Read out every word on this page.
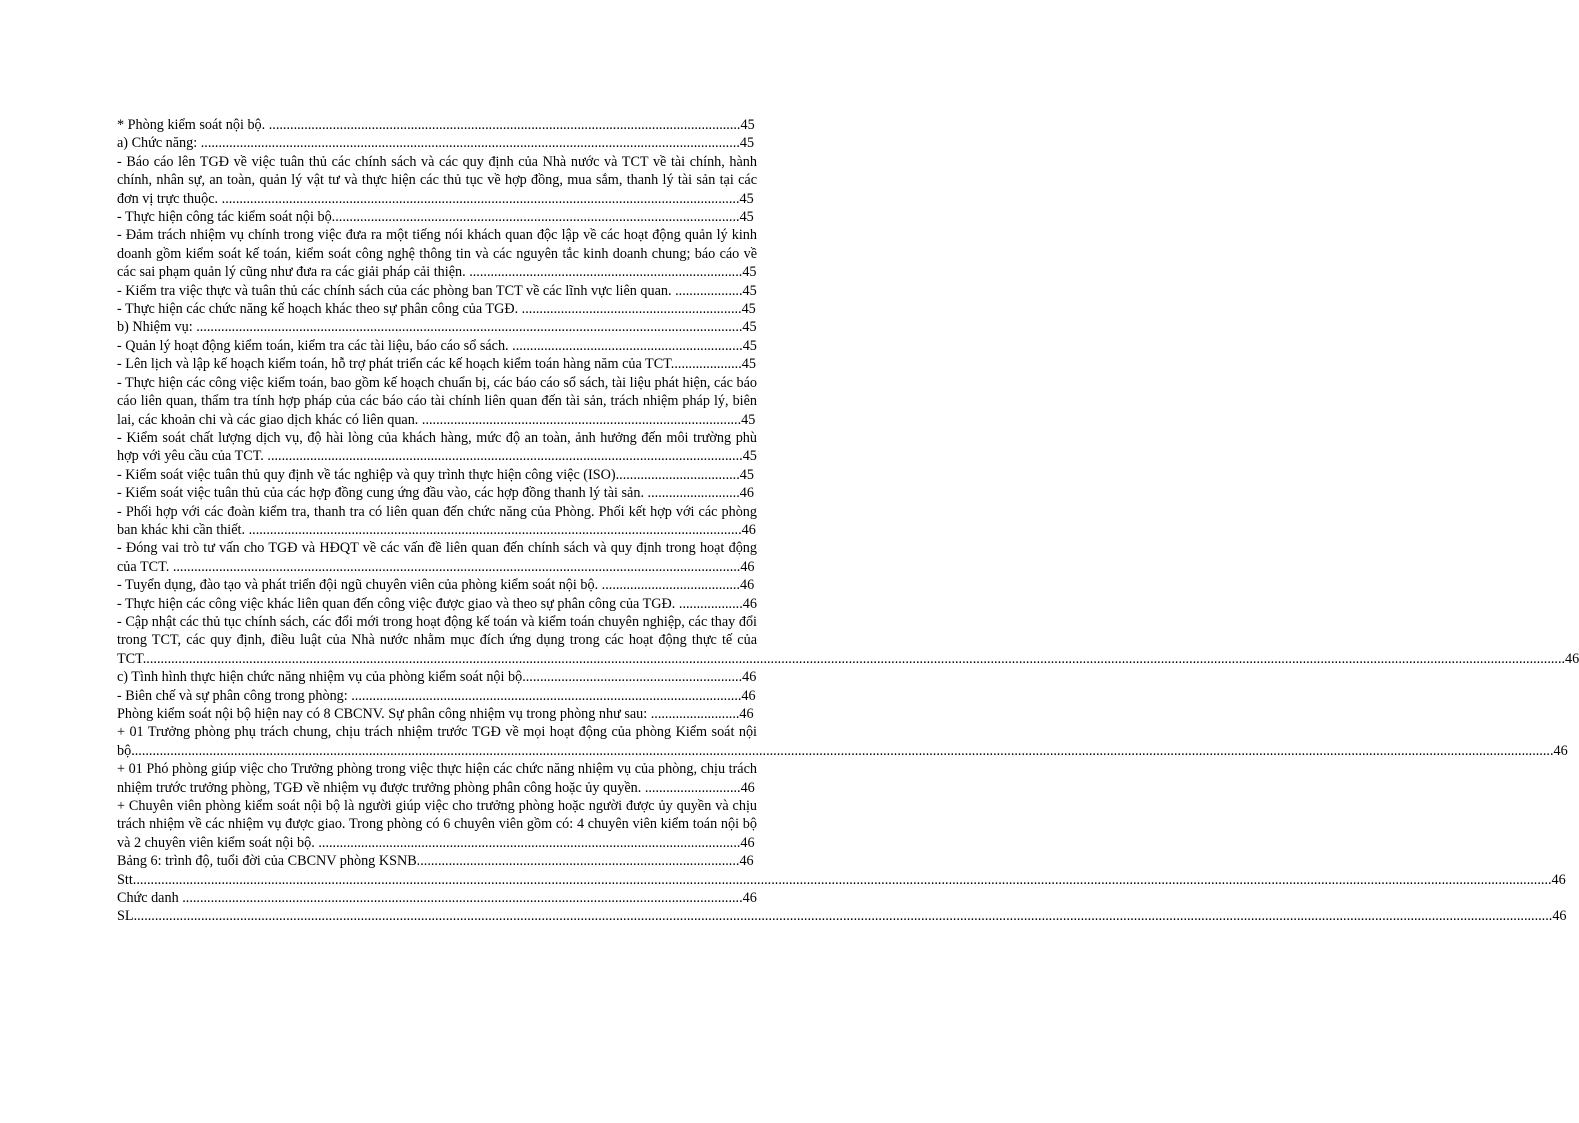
* Phòng kiểm soát nội bộ. .....................................................................................................................................45
a) Chức năng: ........................................................................................................................................................45
- Báo cáo lên TGĐ về việc tuân thủ các chính sách và các quy định của Nhà nước và TCT về tài chính, hành chính, nhân sự, an toàn, quản lý vật tư và thực hiện các thủ tục về hợp đồng, mua sắm, thanh lý tài sản tại các đơn vị trực thuộc. ..................................................................................................................................................45
- Thực hiện công tác kiểm soát nội bộ...................................................................................................................45
- Đảm trách nhiệm vụ chính trong việc đưa ra một tiếng nói khách quan độc lập về các hoạt động quản lý kinh doanh gồm kiểm soát kế toán, kiểm soát công nghệ thông tin và các nguyên tắc kinh doanh chung; báo cáo về các sai phạm quản lý cũng như đưa ra các giải pháp cải thiện. .............................................................................45
- Kiểm tra việc thực và tuân thủ các chính sách của các phòng ban TCT về các lĩnh vực liên quan. ...................45
- Thực hiện các chức năng kế hoạch khác theo sự phân công của TGĐ. ..............................................................45
b) Nhiệm vụ: ..........................................................................................................................................................45
- Quản lý hoạt động kiểm toán, kiểm tra các tài liệu, báo cáo sổ sách. .................................................................45
- Lên lịch và lập kế hoạch kiểm toán, hỗ trợ phát triển các kế hoạch kiểm toán hàng năm của TCT....................45
- Thực hiện các công việc kiểm toán, bao gồm kế hoạch chuẩn bị, các báo cáo sổ sách, tài liệu phát hiện, các báo cáo liên quan, thẩm tra tính hợp pháp của các báo cáo tài chính liên quan đến tài sản, trách nhiệm pháp lý, biên lai, các khoản chi và các giao dịch khác có liên quan. ..........................................................................................45
- Kiểm soát chất lượng dịch vụ, độ hài lòng của khách hàng, mức độ an toàn, ảnh hưởng đến môi trường phù hợp với yêu cầu của TCT. ......................................................................................................................................45
- Kiểm soát việc tuân thủ quy định về tác nghiệp và quy trình thực hiện công việc (ISO)...................................45
- Kiểm soát việc tuân thủ của các hợp đồng cung ứng đầu vào, các hợp đồng thanh lý tài sản. ..........................46
- Phối hợp với các đoàn kiểm tra, thanh tra có liên quan đến chức năng của Phòng. Phối kết hợp với các phòng ban khác khi cần thiết. ...........................................................................................................................................46
- Đóng vai trò tư vấn cho TGĐ và HĐQT về các vấn đề liên quan đến chính sách và quy định trong hoạt động của TCT. ................................................................................................................................................................46
- Tuyển dụng, đào tạo và phát triển đội ngũ chuyên viên của phòng kiểm soát nội bộ. .......................................46
- Thực hiện các công việc khác liên quan đến công việc được giao và theo sự phân công của TGĐ. ..................46
- Cập nhật các thủ tục chính sách, các đổi mới trong hoạt động kế toán và kiểm toán chuyên nghiệp, các thay đổi trong TCT, các quy định, điều luật của Nhà nước nhằm mục đích ứng dụng trong các hoạt động thực tế của TCT.................................................................................................................................................................................................................................................................................................................................................................................................................46
c) Tình hình thực hiện chức năng nhiệm vụ của phòng kiểm soát nội bộ..............................................................46
- Biên chế và sự phân công trong phòng: ..............................................................................................................46
Phòng kiểm soát nội bộ hiện nay có 8 CBCNV. Sự phân công nhiệm vụ trong phòng như sau: .........................46
+ 01 Trưởng phòng phụ trách chung, chịu trách nhiệm trước TGĐ về mọi hoạt động của phòng Kiểm soát nội bộ.................................................................................................................................................................................................................................................................................................................................................................................................................46
+ 01 Phó phòng giúp việc cho Trưởng phòng trong việc thực hiện các chức năng nhiệm vụ của phòng, chịu trách nhiệm trước trưởng phòng, TGĐ về nhiệm vụ được trưởng phòng phân công hoặc ủy quyền. ...........................46
+ Chuyên viên phòng kiểm soát nội bộ là người giúp việc cho trưởng phòng hoặc người được ủy quyền và chịu trách nhiệm về các nhiệm vụ được giao. Trong phòng có 6 chuyên viên gồm có: 4 chuyên viên kiểm toán nội bộ và 2 chuyên viên kiểm soát nội bộ. .......................................................................................................................46
Bảng 6: trình độ, tuổi đời của CBCNV phòng KSNB...........................................................................................46
Stt................................................................................................................................................................................................................................................................................................................................................................................................................46
Chức danh ..............................................................................................................................................................46
SL................................................................................................................................................................................................................................................................................................................................................................................................................46
